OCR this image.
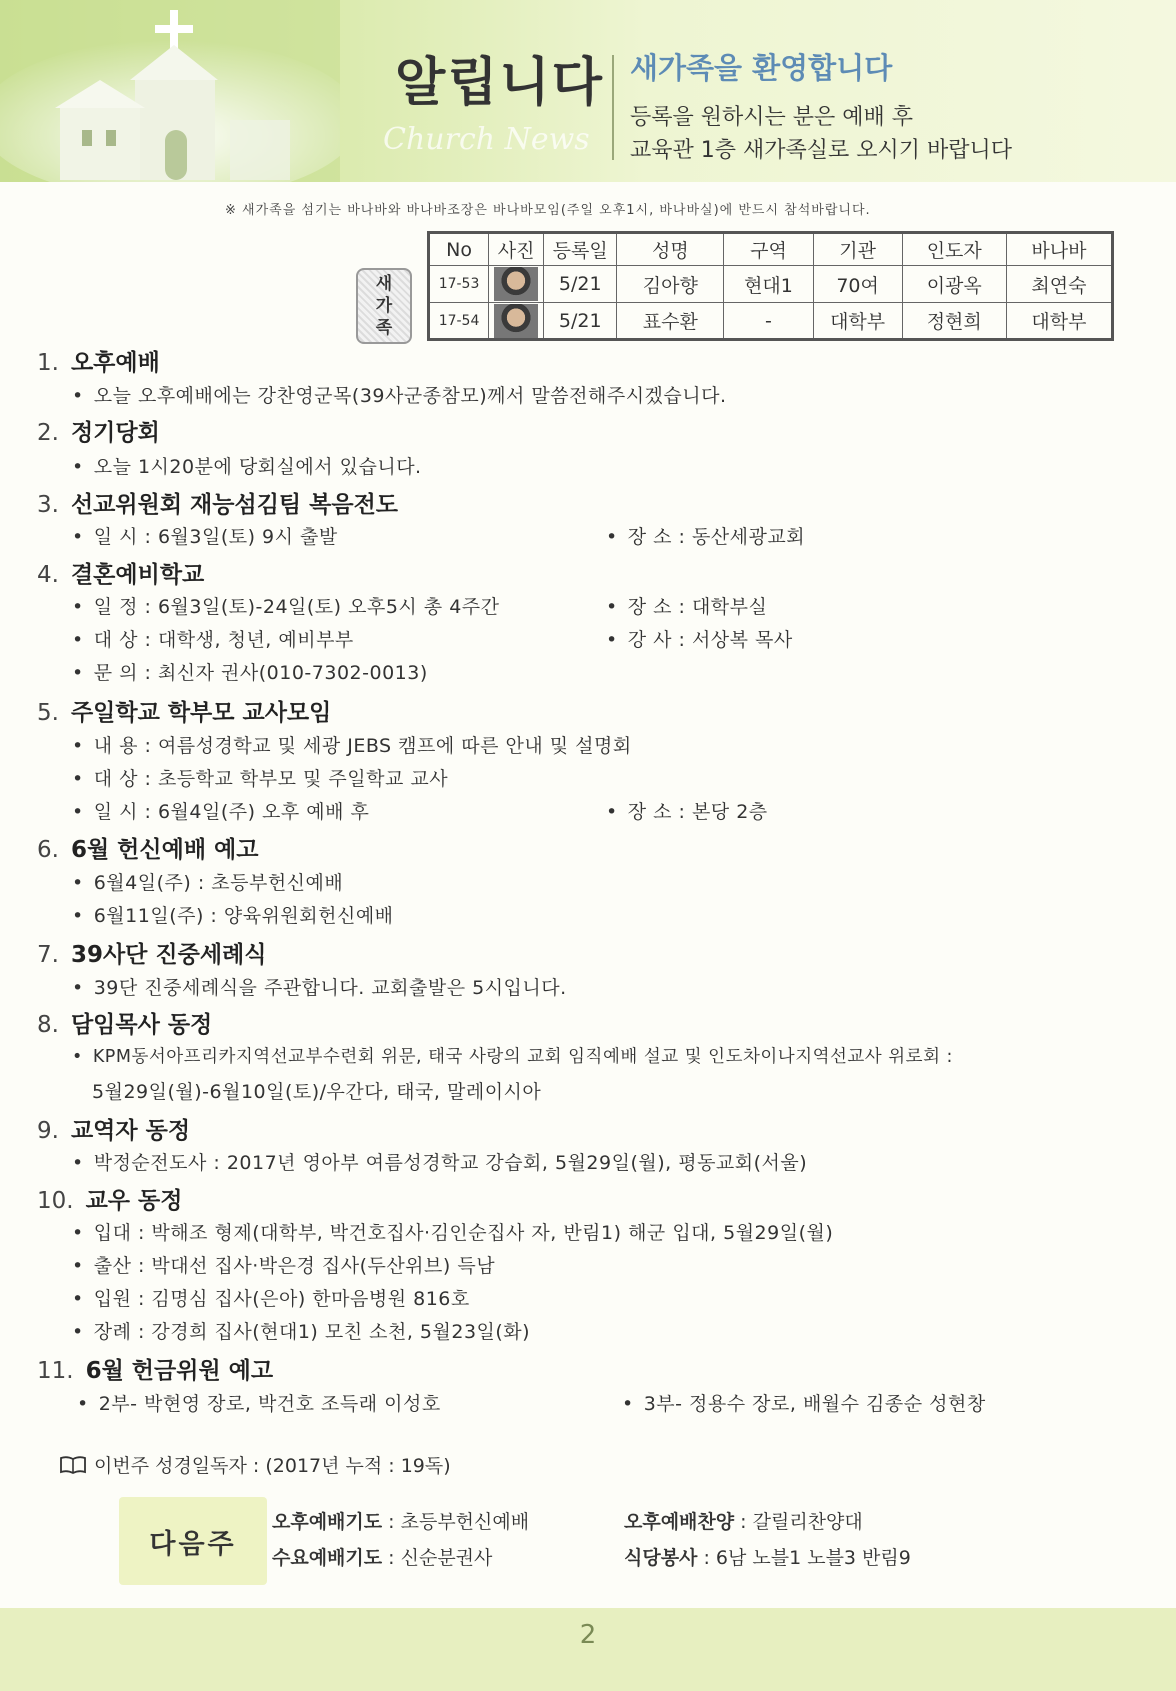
알립니다
Church News
새가족을 환영합니다
등록을 원하시는 분은 예배 후
교육관 1층 새가족실로 오시기 바랍니다
※ 새가족을 섬기는 바나바와 바나바조장은 바나바모임(주일 오후1시, 바나바실)에 반드시 참석바랍니다.
새
가
족
No	사진	등록일	성명	구역	기관	인도자	바나바
17-53		5/21	김아향	현대1	70여	이광옥	최연숙
17-54		5/21	표수환	-	대학부	정현희	대학부
1. 오후예배
• 오늘 오후예배에는 강찬영군목(39사군종참모)께서 말씀전해주시겠습니다.
2. 정기당회
• 오늘 1시20분에 당회실에서 있습니다.
3. 선교위원회 재능섬김팀 복음전도
• 일 시 : 6월3일(토) 9시 출발	• 장 소 : 동산세광교회
4. 결혼예비학교
• 일 정 : 6월3일(토)-24일(토) 오후5시 총 4주간	• 장 소 : 대학부실
• 대 상 : 대학생, 청년, 예비부부	• 강 사 : 서상복 목사
• 문 의 : 최신자 권사(010-7302-0013)
5. 주일학교 학부모 교사모임
• 내 용 : 여름성경학교 및 세광 JEBS 캠프에 따른 안내 및 설명회
• 대 상 : 초등학교 학부모 및 주일학교 교사
• 일 시 : 6월4일(주) 오후 예배 후	• 장 소 : 본당 2층
6. 6월 헌신예배 예고
• 6월4일(주) : 초등부헌신예배
• 6월11일(주) : 양육위원회헌신예배
7. 39사단 진중세례식
• 39단 진중세례식을 주관합니다. 교회출발은 5시입니다.
8. 담임목사 동정
• KPM동서아프리카지역선교부수련회 위문, 태국 사랑의 교회 임직예배 설교 및 인도차이나지역선교사 위로회 :
5월29일(월)-6월10일(토)/우간다, 태국, 말레이시아
9. 교역자 동정
• 박정순전도사 : 2017년 영아부 여름성경학교 강습회, 5월29일(월), 평동교회(서울)
10. 교우 동정
• 입대 : 박해조 형제(대학부, 박건호집사·김인순집사 자, 반림1) 해군 입대, 5월29일(월)
• 출산 : 박대선 집사·박은경 집사(두산위브) 득남
• 입원 : 김명심 집사(은아) 한마음병원 816호
• 장례 : 강경희 집사(현대1) 모친 소천, 5월23일(화)
11. 6월 헌금위원 예고
• 2부- 박현영 장로, 박건호 조득래 이성호	• 3부- 정용수 장로, 배월수 김종순 성현창
이번주 성경일독자 : (2017년 누적 : 19독)
다음주
오후예배기도 : 초등부헌신예배	오후예배찬양 : 갈릴리찬양대
수요예배기도 : 신순분권사	식당봉사 : 6남 노블1 노블3 반림9
2
